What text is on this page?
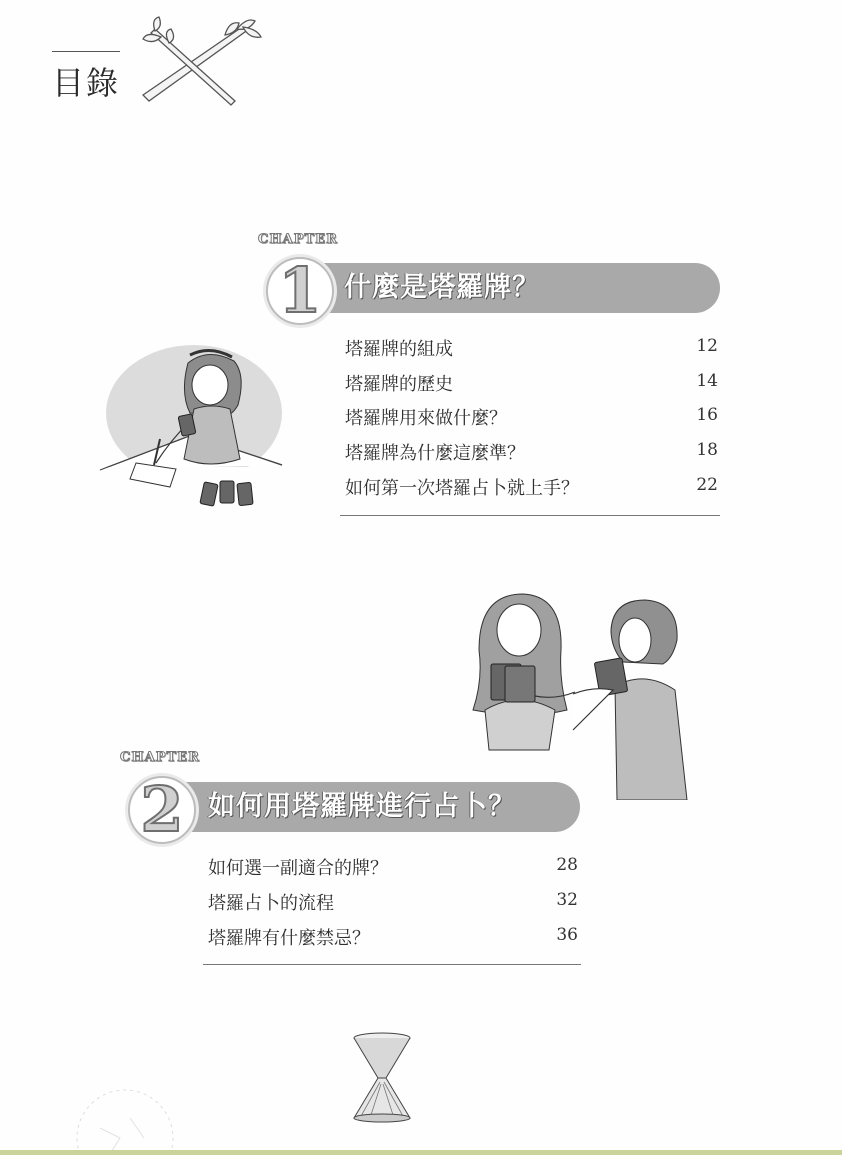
目錄
CHAPTER
什麼是塔羅牌？
1
塔羅牌的組成	12
塔羅牌的歷史	14
塔羅牌用來做什麼？	16
塔羅牌為什麼這麼準？	18
如何第一次塔羅占卜就上手？	22
CHAPTER
如何用塔羅牌進行占卜？
2
如何選一副適合的牌？	28
塔羅占卜的流程	32
塔羅牌有什麼禁忌？	36
